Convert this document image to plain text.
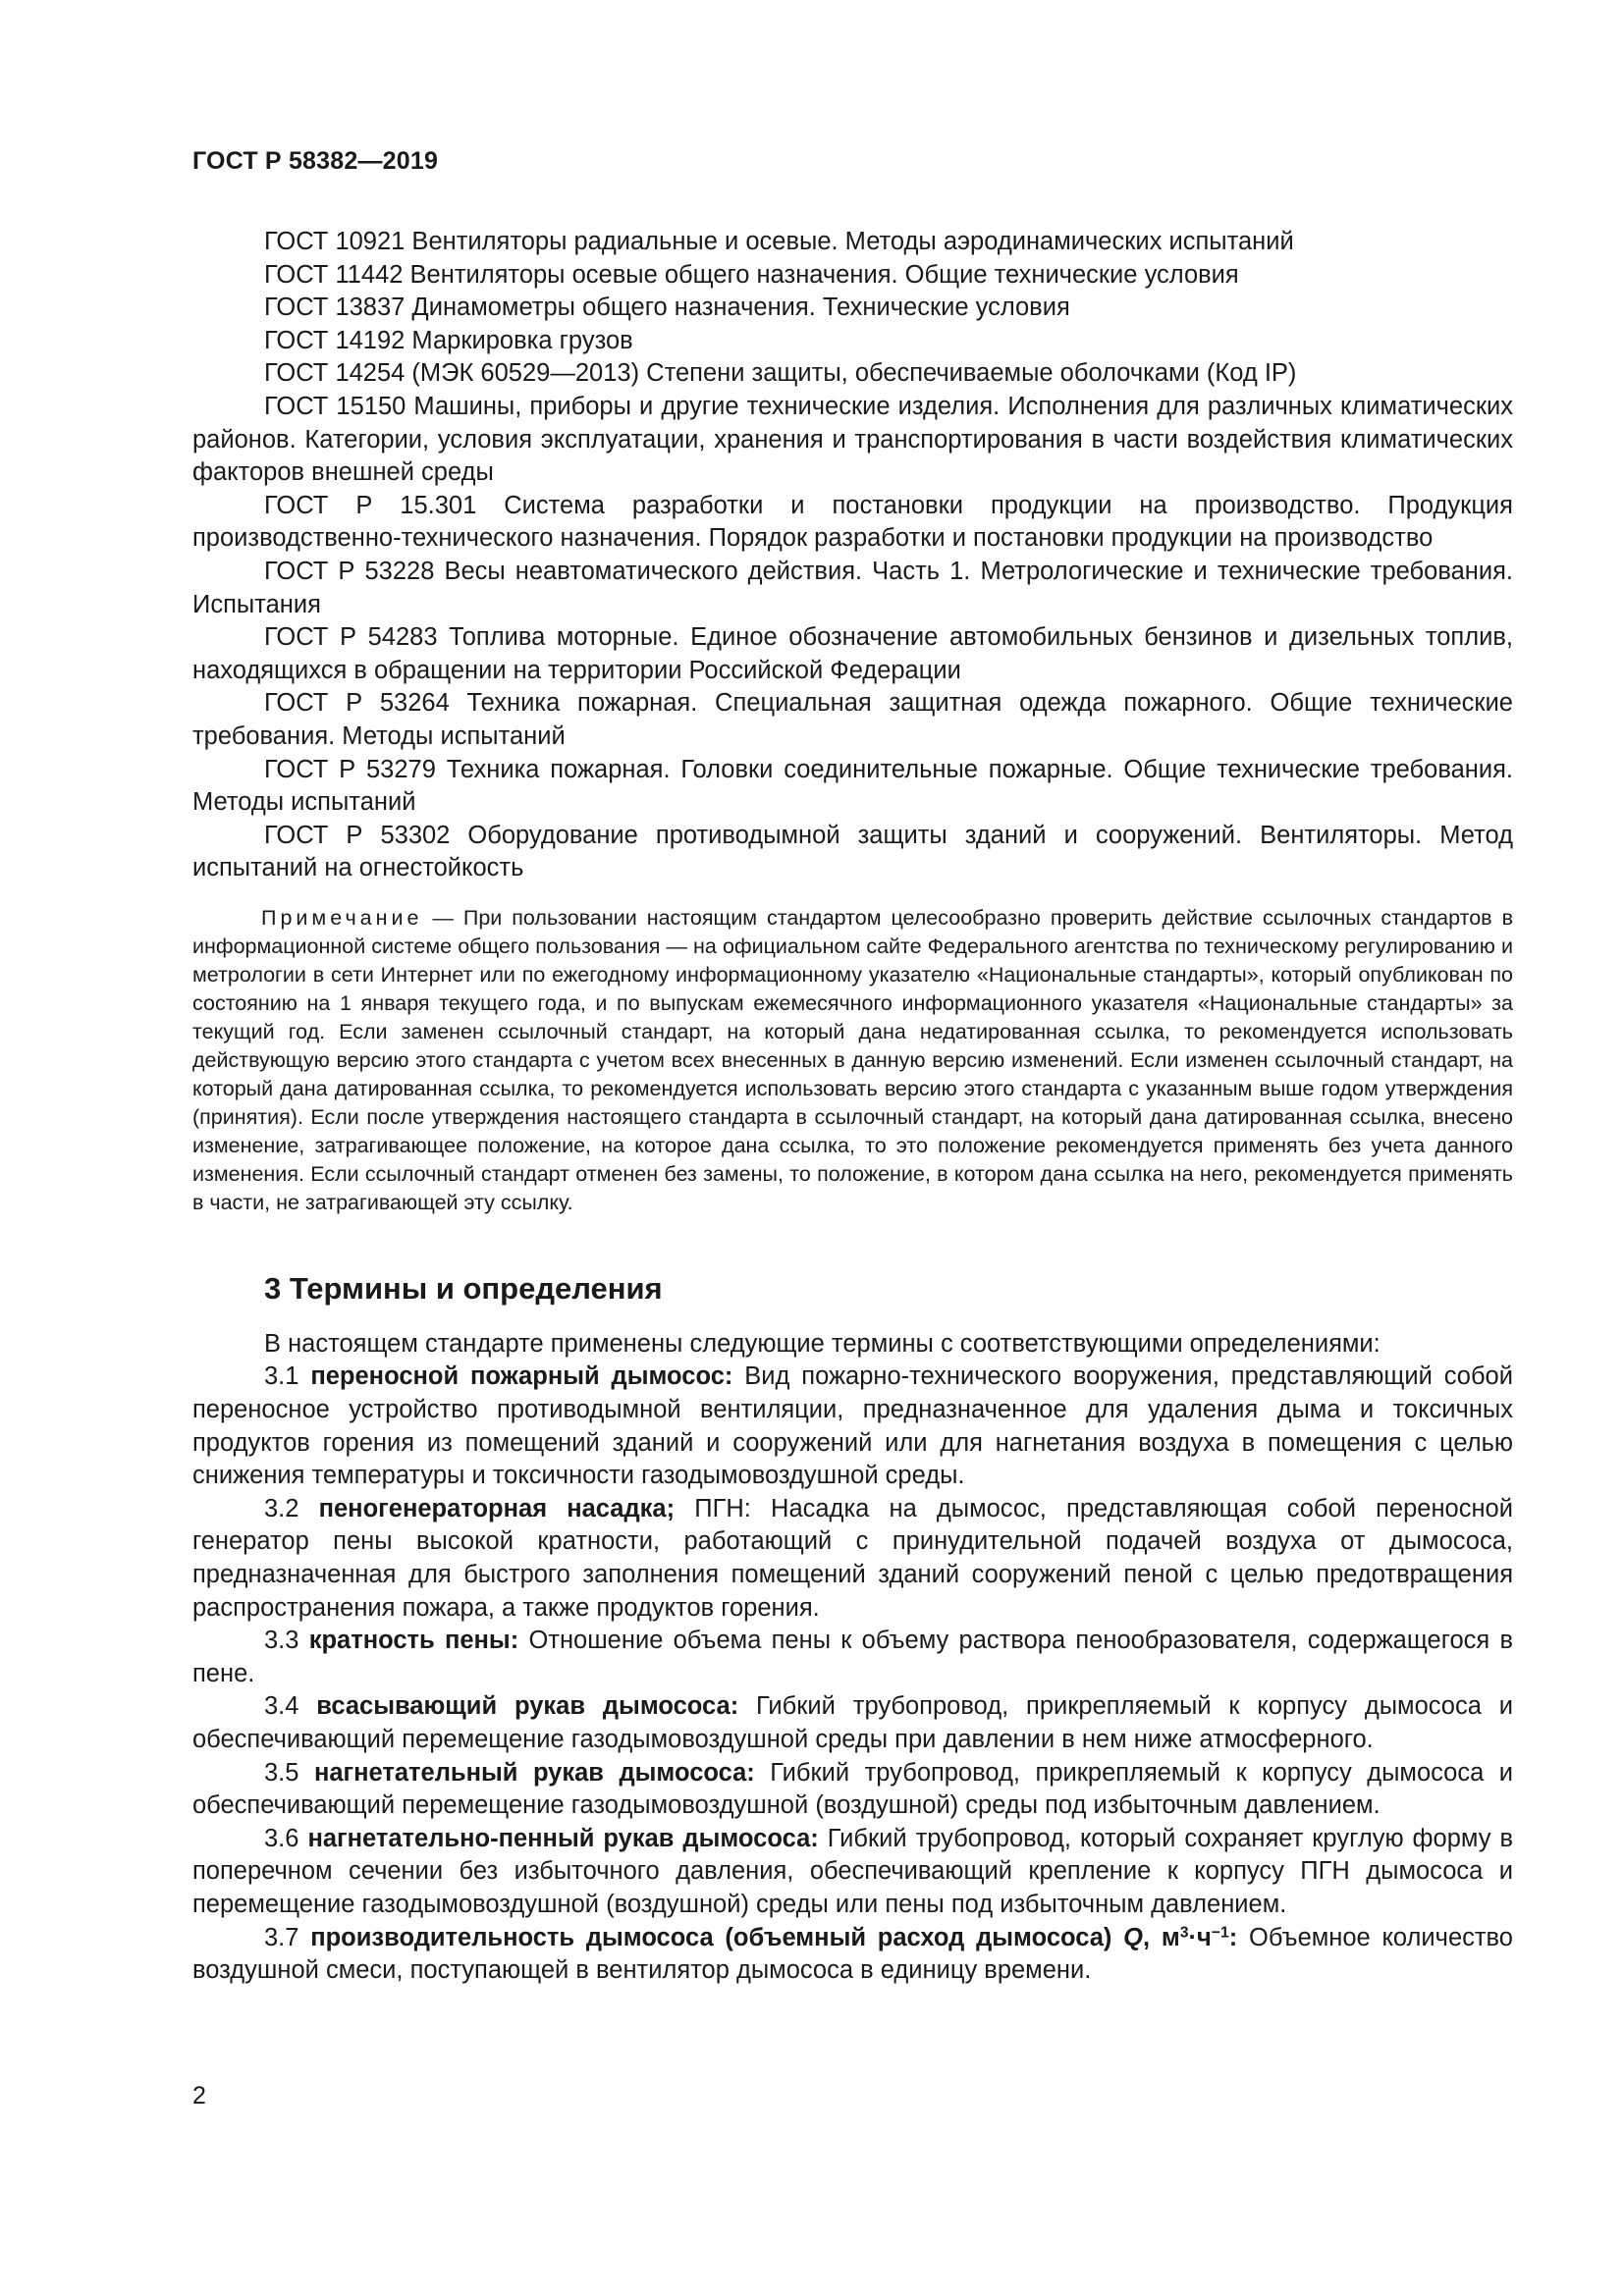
ГОСТ Р 58382—2019

ГОСТ 10921 Вентиляторы радиальные и осевые. Методы аэродинамических испытаний

ГОСТ 11442 Вентиляторы осевые общего назначения. Общие технические условия

ГОСТ 13837 Динамометры общего назначения. Технические условия

ГОСТ 14192 Маркировка грузов

ГОСТ 14254 (МЭК 60529—2013) Степени защиты, обеспечиваемые оболочками (Код IP)

ГОСТ 15150 Машины, приборы и другие технические изделия. Исполнения для различных климатических районов. Категории, условия эксплуатации, хранения и транспортирования в части воздействия климатических факторов внешней среды

ГОСТ Р 15.301 Система разработки и постановки продукции на производство. Продукция производственно-технического назначения. Порядок разработки и постановки продукции на производство

ГОСТ Р 53228 Весы неавтоматического действия. Часть 1. Метрологические и технические требования. Испытания

ГОСТ Р 54283 Топлива моторные. Единое обозначение автомобильных бензинов и дизельных топлив, находящихся в обращении на территории Российской Федерации

ГОСТ Р 53264 Техника пожарная. Специальная защитная одежда пожарного. Общие технические требования. Методы испытаний

ГОСТ Р 53279 Техника пожарная. Головки соединительные пожарные. Общие технические требования. Методы испытаний

ГОСТ Р 53302 Оборудование противодымной защиты зданий и сооружений. Вентиляторы. Метод испытаний на огнестойкость

Примечание — При пользовании настоящим стандартом целесообразно проверить действие ссылочных стандартов в информационной системе общего пользования — на официальном сайте Федерального агентства по техническому регулированию и метрологии в сети Интернет или по ежегодному информационному указателю «Национальные стандарты», который опубликован по состоянию на 1 января текущего года, и по выпускам ежемесячного информационного указателя «Национальные стандарты» за текущий год. Если заменен ссылочный стандарт, на который дана недатированная ссылка, то рекомендуется использовать действующую версию этого стандарта с учетом всех внесенных в данную версию изменений. Если изменен ссылочный стандарт, на который дана датированная ссылка, то рекомендуется использовать версию этого стандарта с указанным выше годом утверждения (принятия). Если после утверждения настоящего стандарта в ссылочный стандарт, на который дана датированная ссылка, внесено изменение, затрагивающее положение, на которое дана ссылка, то это положение рекомендуется применять без учета данного изменения. Если ссылочный стандарт отменен без замены, то положение, в котором дана ссылка на него, рекомендуется применять в части, не затрагивающей эту ссылку.

3 Термины и определения

В настоящем стандарте применены следующие термины с соответствующими определениями:

3.1 переносной пожарный дымосос: Вид пожарно-технического вооружения, представляющий собой переносное устройство противодымной вентиляции, предназначенное для удаления дыма и токсичных продуктов горения из помещений зданий и сооружений или для нагнетания воздуха в помещения с целью снижения температуры и токсичности газодымовоздушной среды.

3.2 пеногенераторная насадка; ПГН: Насадка на дымосос, представляющая собой переносной генератор пены высокой кратности, работающий с принудительной подачей воздуха от дымососа, предназначенная для быстрого заполнения помещений зданий сооружений пеной с целью предотвращения распространения пожара, а также продуктов горения.

3.3 кратность пены: Отношение объема пены к объему раствора пенообразователя, содержащегося в пене.

3.4 всасывающий рукав дымососа: Гибкий трубопровод, прикрепляемый к корпусу дымососа и обеспечивающий перемещение газодымовоздушной среды при давлении в нем ниже атмосферного.

3.5 нагнетательный рукав дымососа: Гибкий трубопровод, прикрепляемый к корпусу дымососа и обеспечивающий перемещение газодымовоздушной (воздушной) среды под избыточным давлением.

3.6 нагнетательно-пенный рукав дымососа: Гибкий трубопровод, который сохраняет круглую форму в поперечном сечении без избыточного давления, обеспечивающий крепление к корпусу ПГН дымососа и перемещение газодымовоздушной (воздушной) среды или пены под избыточным давлением.

3.7 производительность дымососа (объемный расход дымососа) Q, $м^3\cdot ч^{-1}$: Объемное количество воздушной смеси, поступающей в вентилятор дымососа в единицу времени.

2
